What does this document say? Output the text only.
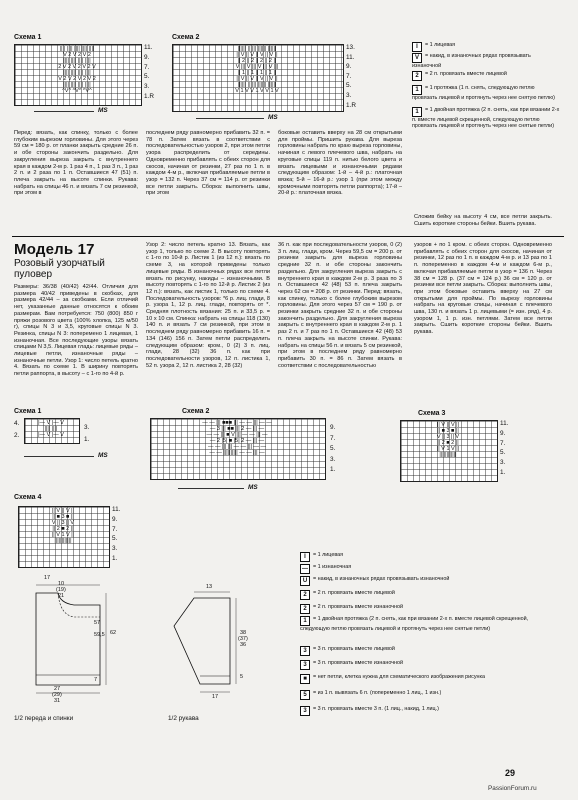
Схема 1
|||| |||| |||| |||| ||||
V 2 V 2 V 2
|||| |||| |||| ||||
2 V 2 V 2 V 2 V
|||| |||| |||| ||||
V 2 V 2 V 2 V 2
|||| |||| |||| ||||
^V^ ^V^ ^V^
11.
9.
7.
5.
3.
1.R
MS
Схема 2
|||||| |||||| |||||| ||||||
|| V || V || V || V ||
|| 2 || 2 || 2 || 2 ||
V ||| V ||| V ||| V |||
|| 1 || 1 || 1 || 1 ||
|| V || V || V || V ||
|||||| |||||| |||||| ||||||
V 1 V V 1 V V 1 V
13.
11.
9.
7.
5.
3.
1.R
MS
I = 1 лицевая
V = накид, в изнаночных рядах провязывать изнаночной
2 = 2 п. провязать вместе лицевой
1 = 1 протяжка (1 п. снять, следующую петлю провязать лицевой и протянуть через нее снятую петлю)
1 = 1 двойная протяжка (2 п. снять, как при вязании 2-х п. вместе лицевой скрещенной, следующую петлю провязать лицевой и протянуть через нее снятые петли)
Перед: вязать, как спинку, только с более глубоким вырезом горловины. Для этого через 59 см = 180 р. от планки закрыть средние 26 п. и обе стороны закончить раздельно. Для закругления выреза закрыть с внутреннего края в каждом 2-м р. 1 раз 4 п., 1 раз 3 п., 1 раз 2 п. и 2 раза по 1 п. Оставшиеся 47 (51) п. плеча закрыть на высоте спинки. Рукава: набрать на спицы 46 п. и вязать 7 см резинкой, при этом в
последнем ряду равномерно прибавить 32 п. = 78 п. Затем вязать в соответствии с последовательностью узоров 2, при этом петли узора распределить от середины. Одновременно прибавлять с обеих сторон для скосов, начиная от резинки, 27 раз по 1 п. в каждом 4-м р., включая прибавляемые петли в узор = 132 п. Через 37 см = 114 р. от резинки все петли закрыть. Сборка: выполнить швы, при этом
боковые оставить вверху на 28 см открытыми для проймы. Пришить рукава. Для выреза горловины набрать по краю выреза горловины, начиная с левого плечевого шва, набрать на круговые спицы 119 п. нитью белого цвета и вязать лицевыми и изнаночными рядами следующим образом: 1-й – 4-й р.: платочная вязка; 5-й – 16-й р.: узор 1 (при этом между кромочными повторять петли раппорта); 17-й – 20-й р.: платочная вязка.
Сложив бейку на высоту 4 см, все петли закрыть. Сшить короткие стороны бейки. Вшить рукава.
Модель 17
Розовый узорчатый пуловер
Размеры: 36/38 (40/42) 42/44. Отличия для размера 40/42 приведены в скобках, для размера 42/44 – за скобками. Если отличий нет, указанные данные относятся к обоим размерам. Вам потребуется: 750 (800) 850 г пряжи розового цвета (100% хлопка, 125 м/50 г), спицы N 3 и 3,5, круговые спицы N 3. Резинка, спицы N 3: поперемено 1 лицевая, 1 изнаночная. Все последующие узоры вязать спицами N 3,5. Лицевая гладь: лицевые ряды – лицевые петли, изнаночные ряды – изнаночные петли. Узор 1: число петель кратно 4. Вязать по схеме 1. В ширину повторять петли раппорта, в высоту – с 1-го по 4-й р.
Узор 2: число петель кратно 13. Вязать, как узор 1, только по схеме 2. В высоту повторять с 1-го по 10-й р. Листик 1 (из 12 п.): вязать по схеме 3, на которой приведены только лицевые ряды. В изнаночных рядах все петли вязать по рисунку, накиды – изнаночными. В высоту повторять с 1-го по 12-й р. Листик 2 (из 12 п.): вязать, как листик 1, только по схеме 4. Последовательность узоров: *6 р. лиц. глади, 8 р. узора 1, 12 р. лиц. глади, повторять от *. Средняя плотность вязания: 25 п. и 33,5 р. = 10 х 10 см. Спинка: набрать на спицы 118 (130) 140 п. и вязать 7 см резинкой, при этом в последнем ряду равномерно прибавить 16 п. = 134 (146) 156 п. Затем петли распределить следующим образом: кром., 0 (2) 3 п. лиц. глади, 28 (32) 36 п. как при последовательности узоров, 12 п. листика 1, 52 п. узора 2, 12 п. листика 2, 28 (32)
36 п. как при последовательности узоров, 0 (2) 3 п. лиц. глади, кром. Через 59,5 см = 200 р. от резинки закрыть для выреза горловины средние 32 п. и обе стороны закончить раздельно. Для закругления выреза закрыть с внутреннего края в каждом 2-м р. 3 раза по 3 п. Оставшиеся 42 (48) 53 п. плеча закрыть через 62 см = 208 р. от резинки. Перед: вязать, как спинку, только с более глубоким вырезом горловины. Для этого через 57 см = 190 р. от резинки закрыть средние 32 п. и обе стороны закончить раздельно. Для закругления выреза закрыть с внутреннего края в каждом 2-м р. 1 раз 2 п. и 7 раз по 1 п. Оставшиеся 42 (48) 53 п. плеча закрыть на высоте спинки. Рукава: набрать на спицы 56 п. и вязать 5 см резинкой, при этом в последнем ряду равномерно прибавить 30 п. = 86 п. Затем вязать в соответствии с последовательностью
узоров + по 1 кром. с обеих сторон. Одновременно прибавлять с обеих сторон для скосов, начиная от резинки, 12 раз по 1 п. в каждом 4-м р. и 13 раз по 1 п. попеременно в каждом 4-м и каждом 6-м р., включая прибавляемые петли в узор = 136 п. Через 38 см = 128 р. (37 см = 124 р.) 36 см = 120 р. от резинки все петли закрыть. Сборка: выполнить швы, при этом боковые оставить вверху на 27 см открытыми для проймы. По вырезу горловины набрать на круговые спицы, начиная с плечевого шва, 130 п. и вязать 1 р. лицевыми (= изн. ряд), 4 р. узором 1, 1 р. изн. петлями. Затем все петли закрыть. Сшить короткие стороны бейки. Вшить рукава.
Схема 1
4.
2.
|— V |— V
|||| ||||
|— V |— V
3.
1.
MS
Схема 2
— — ||| ■■■ ||| — — ||| — —
— 3 ||| ■■ ||| 2 — ||| —
— — ||| ■ V ||| — — ||| —
— 2 |5| ■ |5| 2 — ||| —
— — ||| ||| — — ||| — —
— — |||||||||| — — ||| —
9.
7.
5.
3.
1.
MS
Схема 3
|| V || V ||
|| ■ 3 ■ ||
V || 3 || V
|| 2 ■ 2 ||
|| V 1 V ||
||||||||||||
11.
9.
7.
5.
3.
1.
Схема 4
|| V || V ||
|| ■ 3 ■ ||
V || 3 || V
|| 2 ■ 2 ||
|| V 1 V ||
||||||||||||
11.
9.
7.
5.
3.
1.
17
10
(19)
21
62
57
59,5
7
27
(29)
31
1/2 переда и спинки
13
38
(37)
36
5
17
1/2 рукава
I = 1 лицевая
— = 1 изнаночная
U = накид, в изнаночных рядах провязывать изнаночной
2 = 2 п. провязать вместе лицевой
2 = 2 п. провязать вместе изнаночной
1 = 1 двойная протяжка (2 п. снять, как при вязании 2-х п. вместе лицевой скрещенной, следующую петлю провязать лицевой и протянуть через нее снятые петли)
3 = 3 п. провязать вместе лицевой
3 = 3 п. провязать вместе изнаночной
■ = нет петли, клетка нужна для схематического изображения рисунка
5 = из 1 п. вывязать 6 п. (попеременно 1 лиц., 1 изн.)
3 = 3 п. провязать вместе 3 п. (1 лиц., накид, 1 лиц.)
29
PassionForum.ru
